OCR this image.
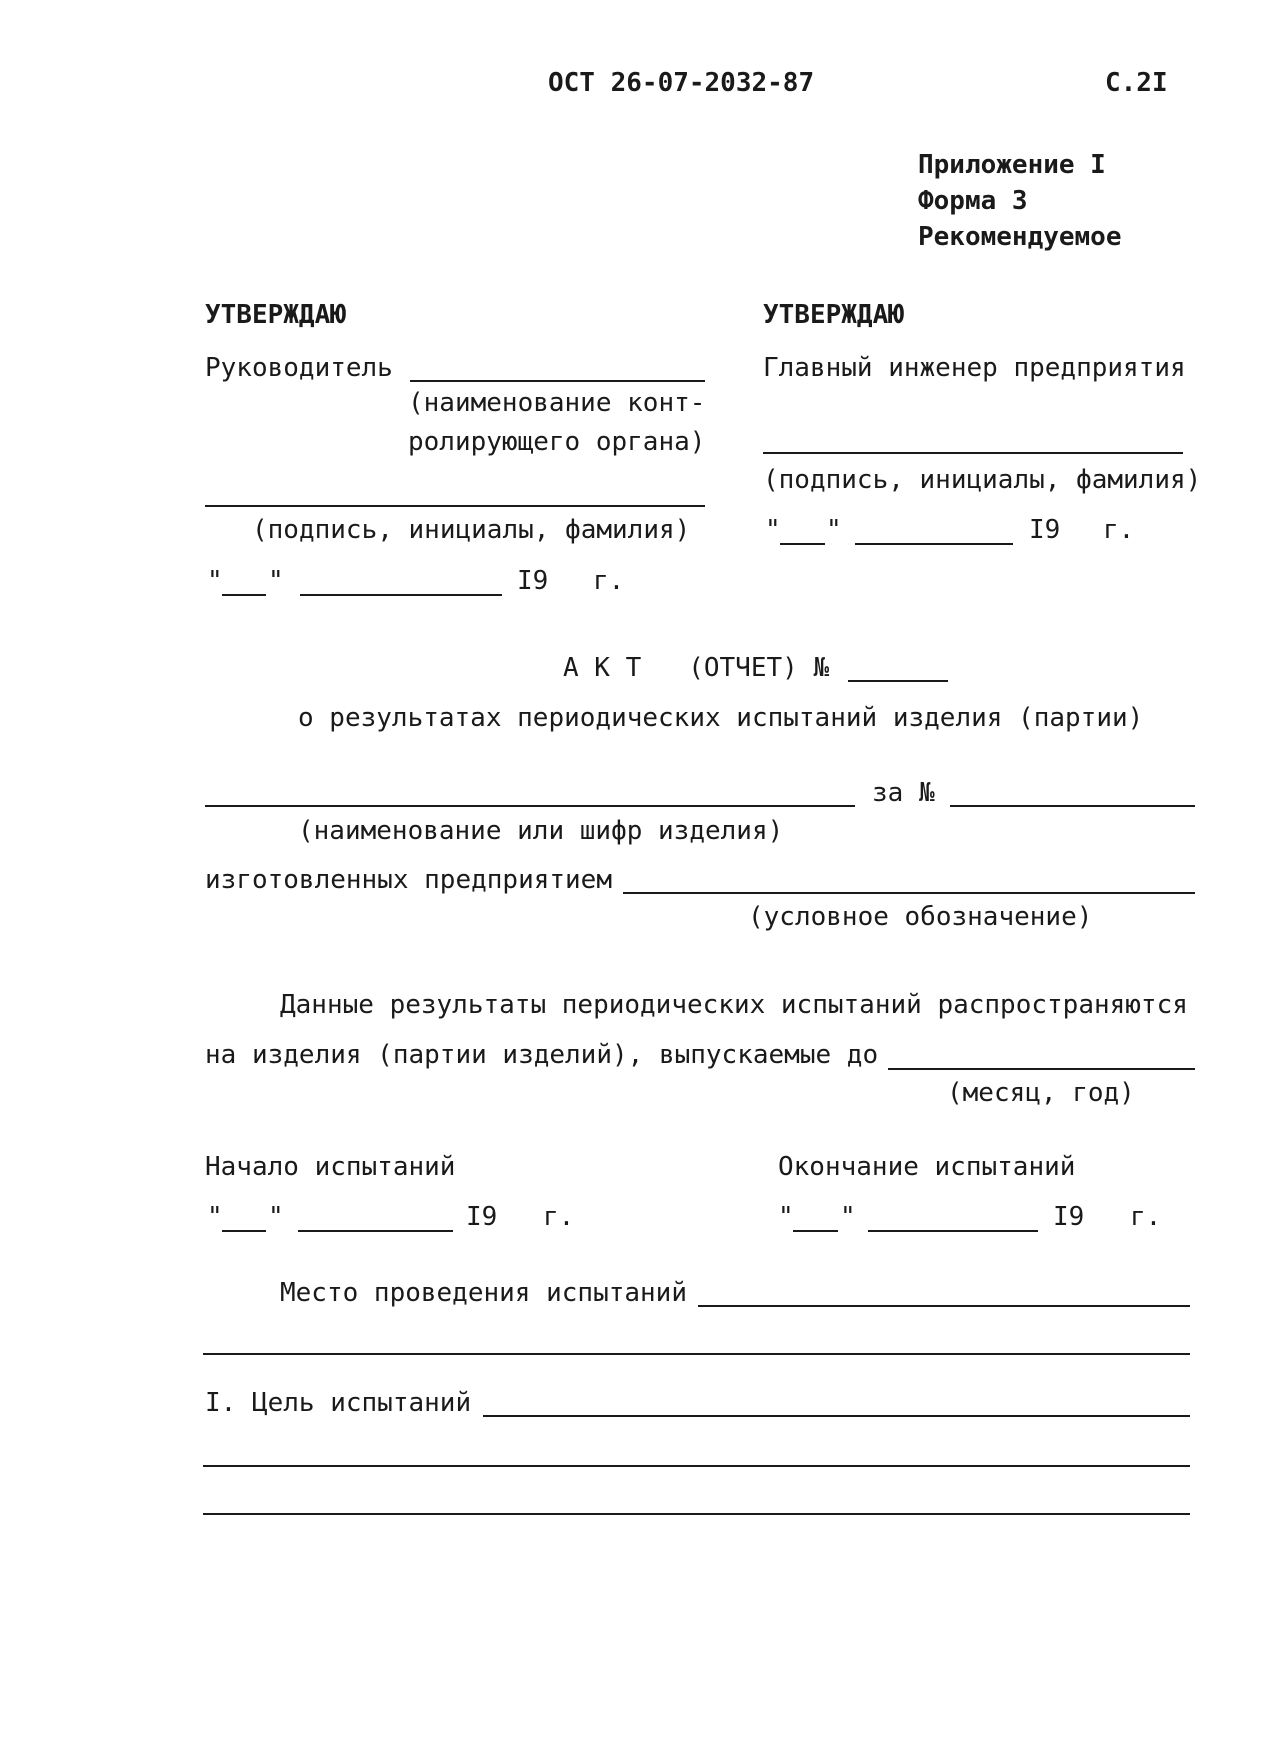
ОСТ 26-07-2032-87	С.2I
Приложение I
Форма 3
Рекомендуемое
УТВЕРЖДАЮ
Руководитель
(наименование конт-
ролирующего органа)
(подпись, инициалы, фамилия)
" "	I9 г.
УТВЕРЖДАЮ
Главный инженер предприятия
(подпись, инициалы, фамилия)
" "	I9 г.
А К Т   (ОТЧЕТ) №
о результатах периодических испытаний изделия (партии)
за №
(наименование или шифр изделия)
изготовленных предприятием
(условное обозначение)
Данные результаты периодических испытаний распространяются
на изделия (партии изделий), выпускаемые до
(месяц, год)
Начало испытаний
" "	I9 г.
Окончание испытаний
" "	I9 г.
Место проведения испытаний
I. Цель испытаний
